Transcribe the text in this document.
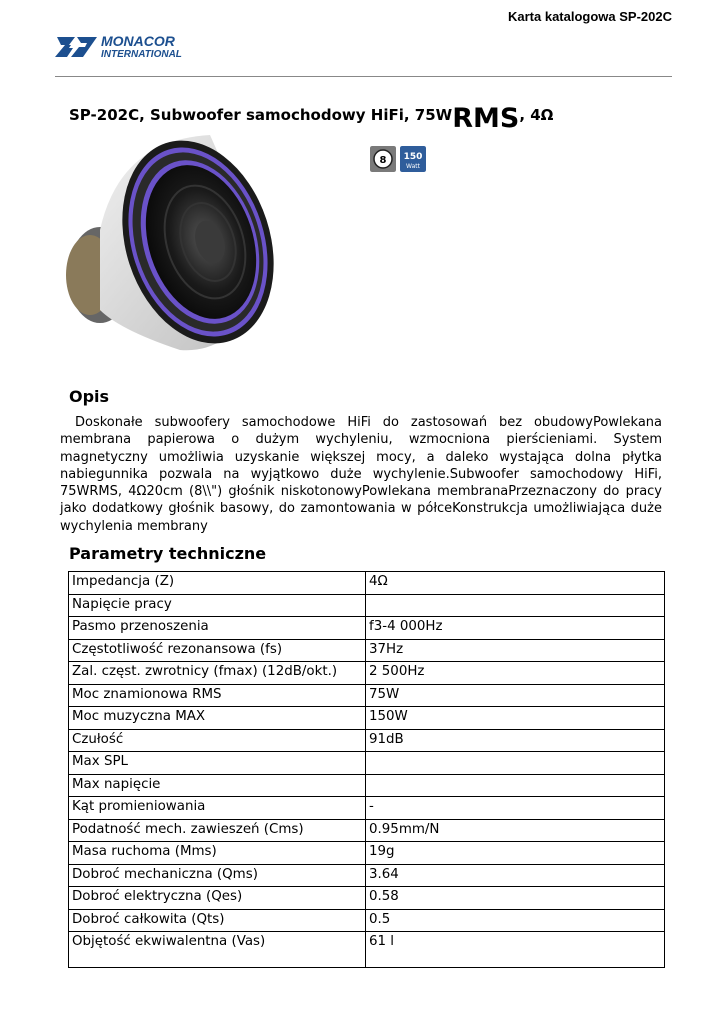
Karta katalogowa SP-202C
MONACOR
INTERNATIONAL
SP-202C, Subwoofer samochodowy HiFi, 75WRMS, 4Ω
8 150
Watt
Opis
Doskonałe subwoofery samochodowe HiFi do zastosowań bez obudowyPowlekana membrana papierowa o dużym wychyleniu, wzmocniona pierścieniami. System magnetyczny umożliwia uzyskanie większej mocy, a daleko wystająca dolna płytka nabiegunnika pozwala na wyjątkowo duże wychylenie.Subwoofer samochodowy HiFi, 75WRMS, 4Ω20cm (8\\") głośnik niskotonowyPowlekana membranaPrzeznaczony do pracy jako dodatkowy głośnik basowy, do zamontowania w półceKonstrukcja umożliwiająca duże wychylenia membrany
Parametry techniczne
Impedancja (Z)	4Ω
Napięcie pracy	
Pasmo przenoszenia	f3-4 000Hz
Częstotliwość rezonansowa (fs)	37Hz
Zal. częst. zwrotnicy (fmax) (12dB/okt.)	2 500Hz
Moc znamionowa RMS	75W
Moc muzyczna MAX	150W
Czułość	91dB
Max SPL	
Max napięcie	
Kąt promieniowania	-
Podatność mech. zawieszeń (Cms)	0.95mm/N
Masa ruchoma (Mms)	19g
Dobroć mechaniczna (Qms)	3.64
Dobroć elektryczna (Qes)	0.58
Dobroć całkowita (Qts)	0.5
Objętość ekwiwalentna (Vas)	61 l
